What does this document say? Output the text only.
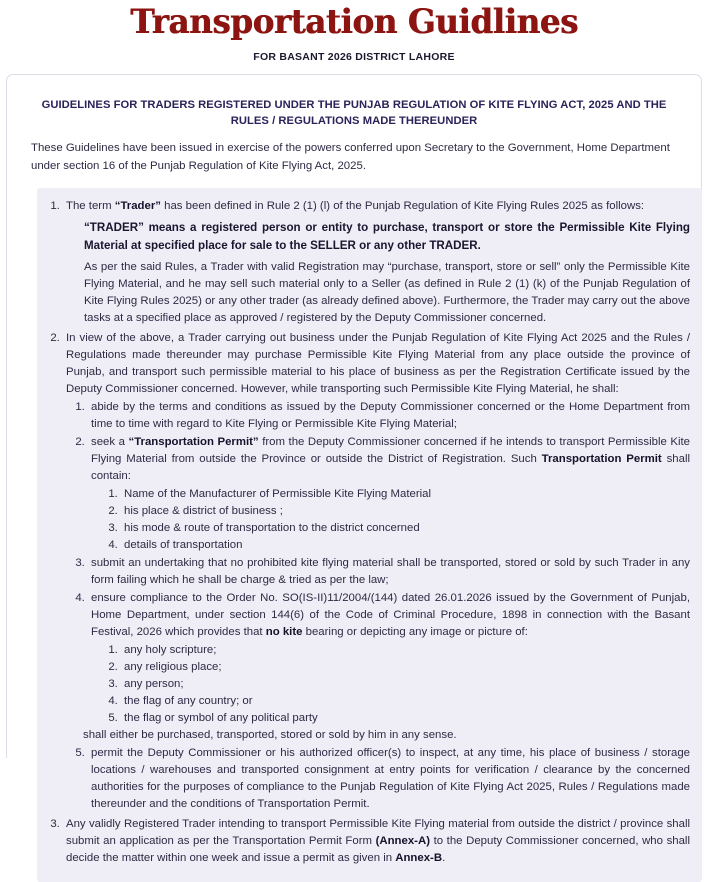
Transportation Guidlines
FOR BASANT 2026 DISTRICT LAHORE
GUIDELINES FOR TRADERS REGISTERED UNDER THE PUNJAB REGULATION OF KITE FLYING ACT, 2025 AND THE RULES / REGULATIONS MADE THEREUNDER
These Guidelines have been issued in exercise of the powers conferred upon Secretary to the Government, Home Department under section 16 of the Punjab Regulation of Kite Flying Act, 2025.
1. The term “Trader” has been defined in Rule 2 (1) (l) of the Punjab Regulation of Kite Flying Rules 2025 as follows:
“TRADER” means a registered person or entity to purchase, transport or store the Permissible Kite Flying Material at specified place for sale to the SELLER or any other TRADER.
As per the said Rules, a Trader with valid Registration may “purchase, transport, store or sell” only the Permissible Kite Flying Material, and he may sell such material only to a Seller (as defined in Rule 2 (1) (k) of the Punjab Regulation of Kite Flying Rules 2025) or any other trader (as already defined above). Furthermore, the Trader may carry out the above tasks at a specified place as approved / registered by the Deputy Commissioner concerned.
2. In view of the above, a Trader carrying out business under the Punjab Regulation of Kite Flying Act 2025 and the Rules / Regulations made thereunder may purchase Permissible Kite Flying Material from any place outside the province of Punjab, and transport such permissible material to his place of business as per the Registration Certificate issued by the Deputy Commissioner concerned. However, while transporting such Permissible Kite Flying Material, he shall:
1. abide by the terms and conditions as issued by the Deputy Commissioner concerned or the Home Department from time to time with regard to Kite Flying or Permissible Kite Flying Material;
2. seek a “Transportation Permit” from the Deputy Commissioner concerned if he intends to transport Permissible Kite Flying Material from outside the Province or outside the District of Registration. Such Transportation Permit shall contain:
1. Name of the Manufacturer of Permissible Kite Flying Material
2. his place & district of business ;
3. his mode & route of transportation to the district concerned
4. details of transportation
3. submit an undertaking that no prohibited kite flying material shall be transported, stored or sold by such Trader in any form failing which he shall be charge & tried as per the law;
4. ensure compliance to the Order No. SO(IS-II)11/2004/(144) dated 26.01.2026 issued by the Government of Punjab, Home Department, under section 144(6) of the Code of Criminal Procedure, 1898 in connection with the Basant Festival, 2026 which provides that no kite bearing or depicting any image or picture of:
1. any holy scripture;
2. any religious place;
3. any person;
4. the flag of any country; or
5. the flag or symbol of any political party
shall either be purchased, transported, stored or sold by him in any sense.
5. permit the Deputy Commissioner or his authorized officer(s) to inspect, at any time, his place of business / storage locations / warehouses and transported consignment at entry points for verification / clearance by the concerned authorities for the purposes of compliance to the Punjab Regulation of Kite Flying Act 2025, Rules / Regulations made thereunder and the conditions of Transportation Permit.
3. Any validly Registered Trader intending to transport Permissible Kite Flying material from outside the district / province shall submit an application as per the Transportation Permit Form (Annex-A) to the Deputy Commissioner concerned, who shall decide the matter within one week and issue a permit as given in Annex-B.
